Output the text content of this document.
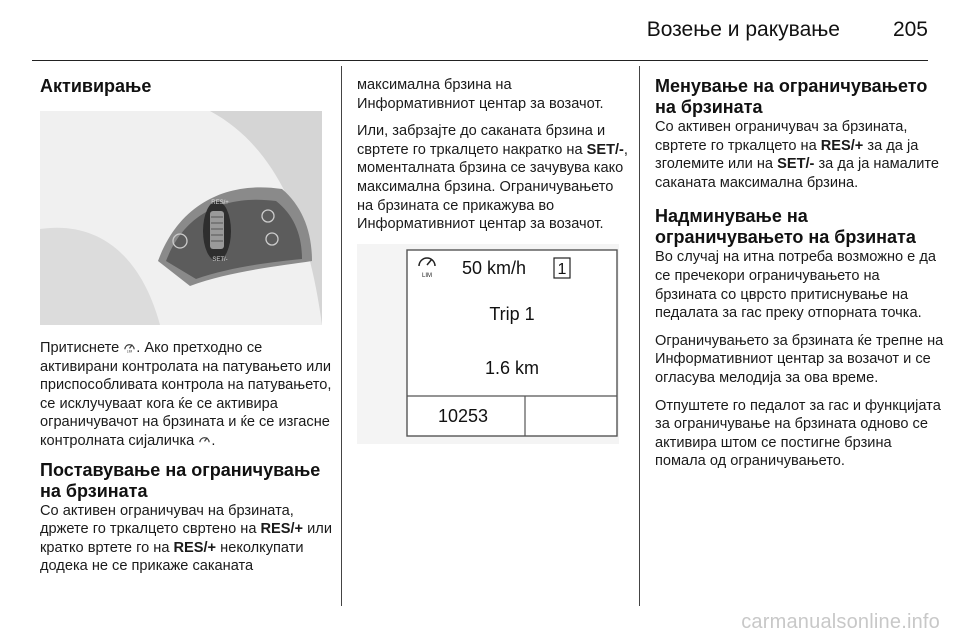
Возење и ракување	205
Активирање
RES/+
SET/-

Притиснете LIM . Ако претходно се активирани контролата на патувањето или приспособливата контрола на патувањето, се исклучуваат кога ќе се активира ограничувачот на брзината и ќе се изгасне контролната сијаличка .

Поставување на ограничување на брзината

Со активен ограничувач на брзината, држете го тркалцето свртено на RES/+ или кратко вртете го на RES/+ неколкупати додека не се прикаже саканата

максимална брзина на Информативниот центар за возачот.

Или, забрзајте до саканата брзина и свртете го тркалцето накратко на SET/-, моменталната брзина се зачувува како максимална брзина. Ограничувањето на брзината се прикажува во Информативниот центар за возачот.

LIM 50 km/h 1
Trip 1
1.6 km
10253
Менување на ограничувањето на брзината

Со активен ограничувач за брзината, свртете го тркалцето на RES/+ за да ја зголемите или на SET/- за да ја намалите саканата максимална брзина.

Надминување на ограничувањето на брзината

Во случај на итна потреба возможно е да се пречекори ограничувањето на брзината со цврсто притиснување на педалата за гас преку отпорната точка.

Ограничувањето за брзината ќе трепне на Информативниот центар за возачот и се огласува мелодија за ова време.

Отпуштете го педалот за гас и функцијата за ограничување на брзината одново се активира штом се постигне брзина помала од ограничувањето.

carmanualsonline.info
